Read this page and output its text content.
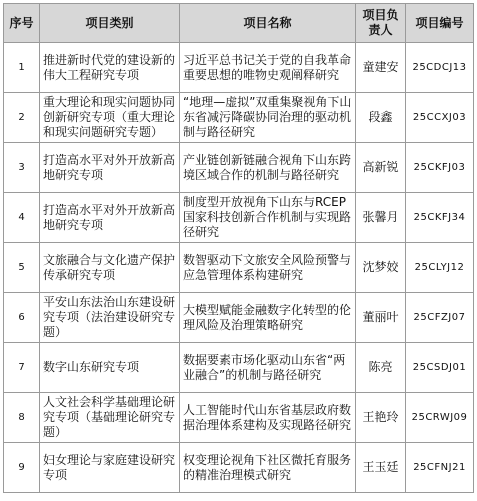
序号	项目类别	项目名称	项目负责人	项目编号
1	推进新时代党的建设新的伟大工程研究专项	习近平总书记关于党的自我革命重要思想的唯物史观阐释研究	童建安	25CDCJ13
2	重大理论和现实问题协同创新研究专项（重大理论和现实问题研究专题）	“地理—虚拟”双重集聚视角下山东省减污降碳协同治理的驱动机制与路径研究	段鑫	25CCXJ03
3	打造高水平对外开放新高地研究专项	产业链创新链融合视角下山东跨境区域合作的机制与路径研究	高新锐	25CKFJ03
4	打造高水平对外开放新高地研究专项	制度型开放视角下山东与RCEP国家科技创新合作机制与实现路径研究	张馨月	25CKFJ34
5	文旅融合与文化遗产保护传承研究专项	数智驱动下文旅安全风险预警与应急管理体系构建研究	沈梦姣	25CLYJ12
6	平安山东法治山东建设研究专项（法治建设研究专题）	大模型赋能金融数字化转型的伦理风险及治理策略研究	董丽叶	25CFZJ07
7	数字山东研究专项	数据要素市场化驱动山东省“两业融合”的机制与路径研究	陈亮	25CSDJ01
8	人文社会科学基础理论研究专项（基础理论研究专题）	人工智能时代山东省基层政府数据治理体系建构及实现路径研究	王艳玲	25CRWJ09
9	妇女理论与家庭建设研究专项	权变理论视角下社区微托育服务的精准治理模式研究	王玉廷	25CFNJ21
